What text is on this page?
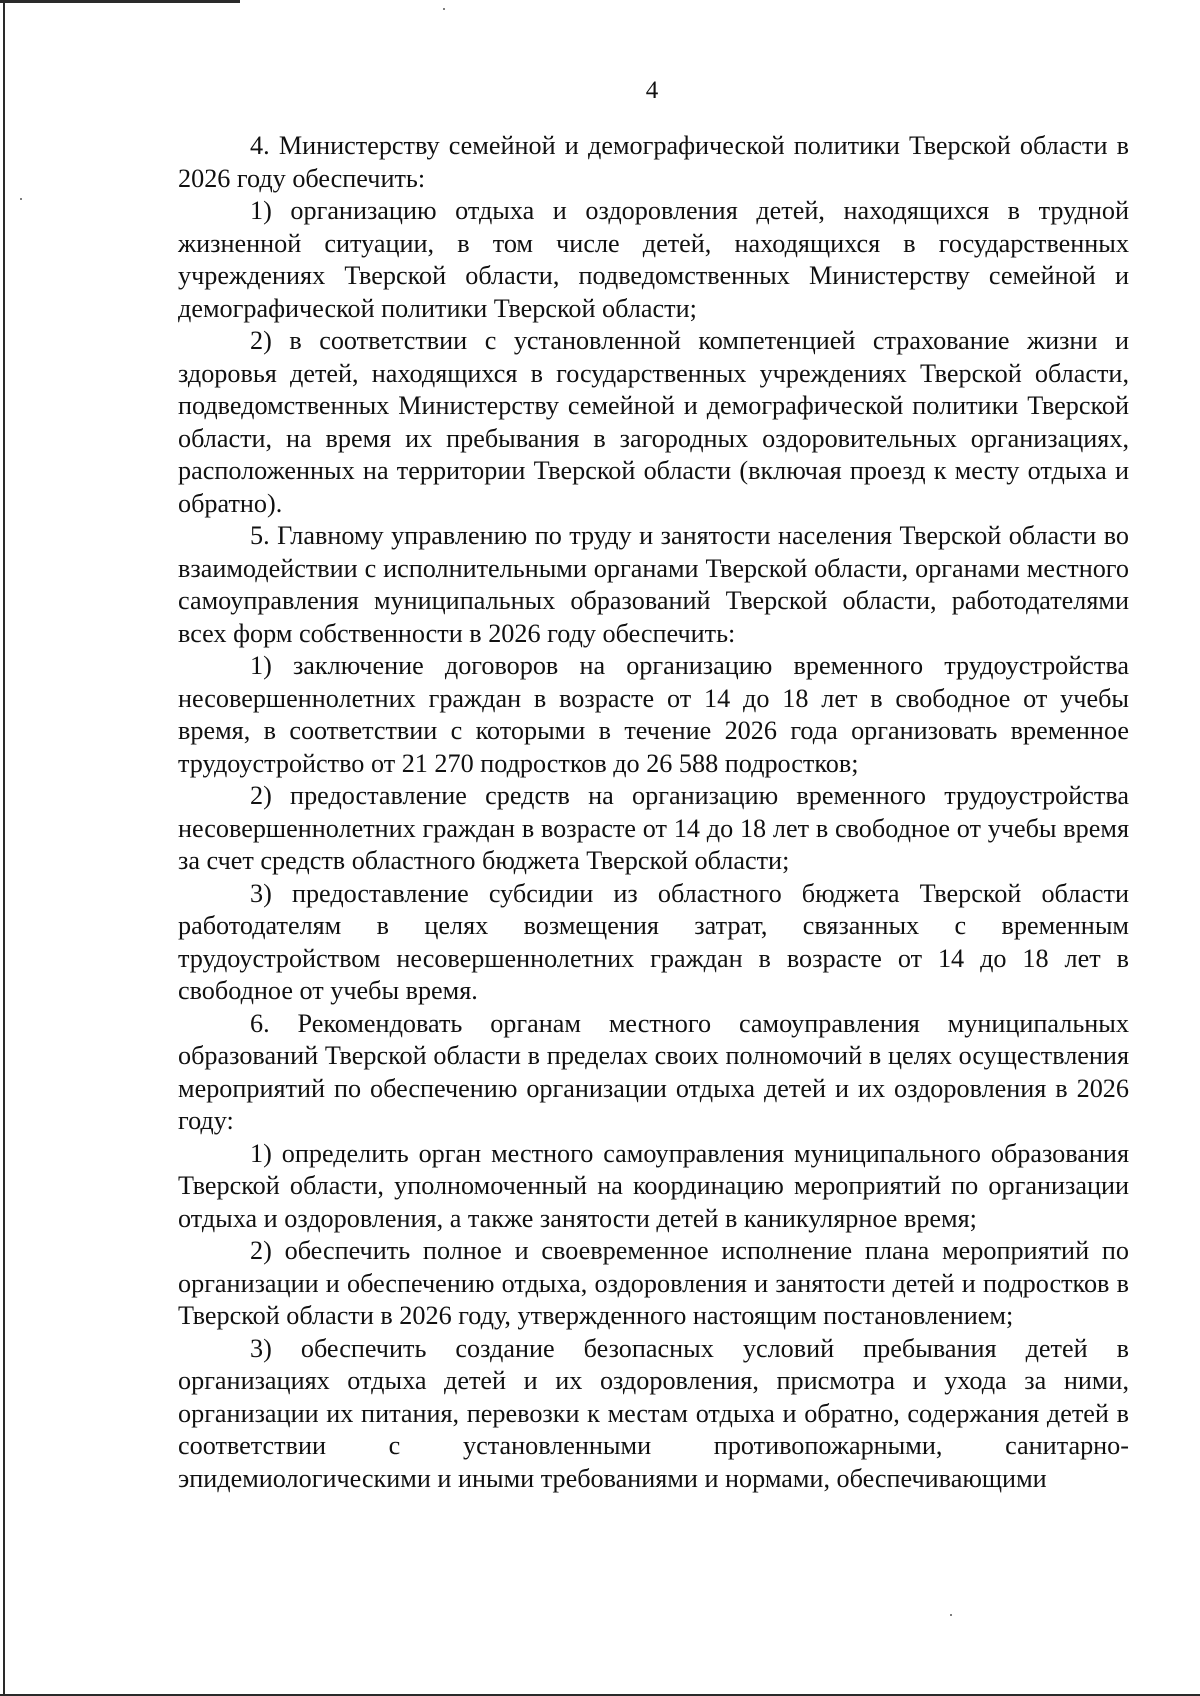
4

4. Министерству семейной и демографической политики Тверской области в 2026 году обеспечить:

1) организацию отдыха и оздоровления детей, находящихся в трудной жизненной ситуации, в том числе детей, находящихся в государственных учреждениях Тверской области, подведомственных Министерству семейной и демографической политики Тверской области;

2) в соответствии с установленной компетенцией страхование жизни и здоровья детей, находящихся в государственных учреждениях Тверской области, подведомственных Министерству семейной и демографической политики Тверской области, на время их пребывания в загородных оздоровительных организациях, расположенных на территории Тверской области (включая проезд к месту отдыха и обратно).

5. Главному управлению по труду и занятости населения Тверской области во взаимодействии с исполнительными органами Тверской области, органами местного самоуправления муниципальных образований Тверской области, работодателями всех форм собственности в 2026 году обеспечить:

1) заключение договоров на организацию временного трудоустройства несовершеннолетних граждан в возрасте от 14 до 18 лет в свободное от учебы время, в соответствии с которыми в течение 2026 года организовать временное трудоустройство от 21 270 подростков до 26 588 подростков;

2) предоставление средств на организацию временного трудоустройства несовершеннолетних граждан в возрасте от 14 до 18 лет в свободное от учебы время за счет средств областного бюджета Тверской области;

3) предоставление субсидии из областного бюджета Тверской области работодателям в целях возмещения затрат, связанных с временным трудоустройством несовершеннолетних граждан в возрасте от 14 до 18 лет в свободное от учебы время.

6. Рекомендовать органам местного самоуправления муниципальных образований Тверской области в пределах своих полномочий в целях осуществления мероприятий по обеспечению организации отдыха детей и их оздоровления в 2026 году:

1) определить орган местного самоуправления муниципального образования Тверской области, уполномоченный на координацию мероприятий по организации отдыха и оздоровления, а также занятости детей в каникулярное время;

2) обеспечить полное и своевременное исполнение плана мероприятий по организации и обеспечению отдыха, оздоровления и занятости детей и подростков в Тверской области в 2026 году, утвержденного настоящим постановлением;

3) обеспечить создание безопасных условий пребывания детей в организациях отдыха детей и их оздоровления, присмотра и ухода за ними, организации их питания, перевозки к местам отдыха и обратно, содержания детей в соответствии с установленными противопожарными, санитарно-эпидемиологическими и иными требованиями и нормами, обеспечивающими
